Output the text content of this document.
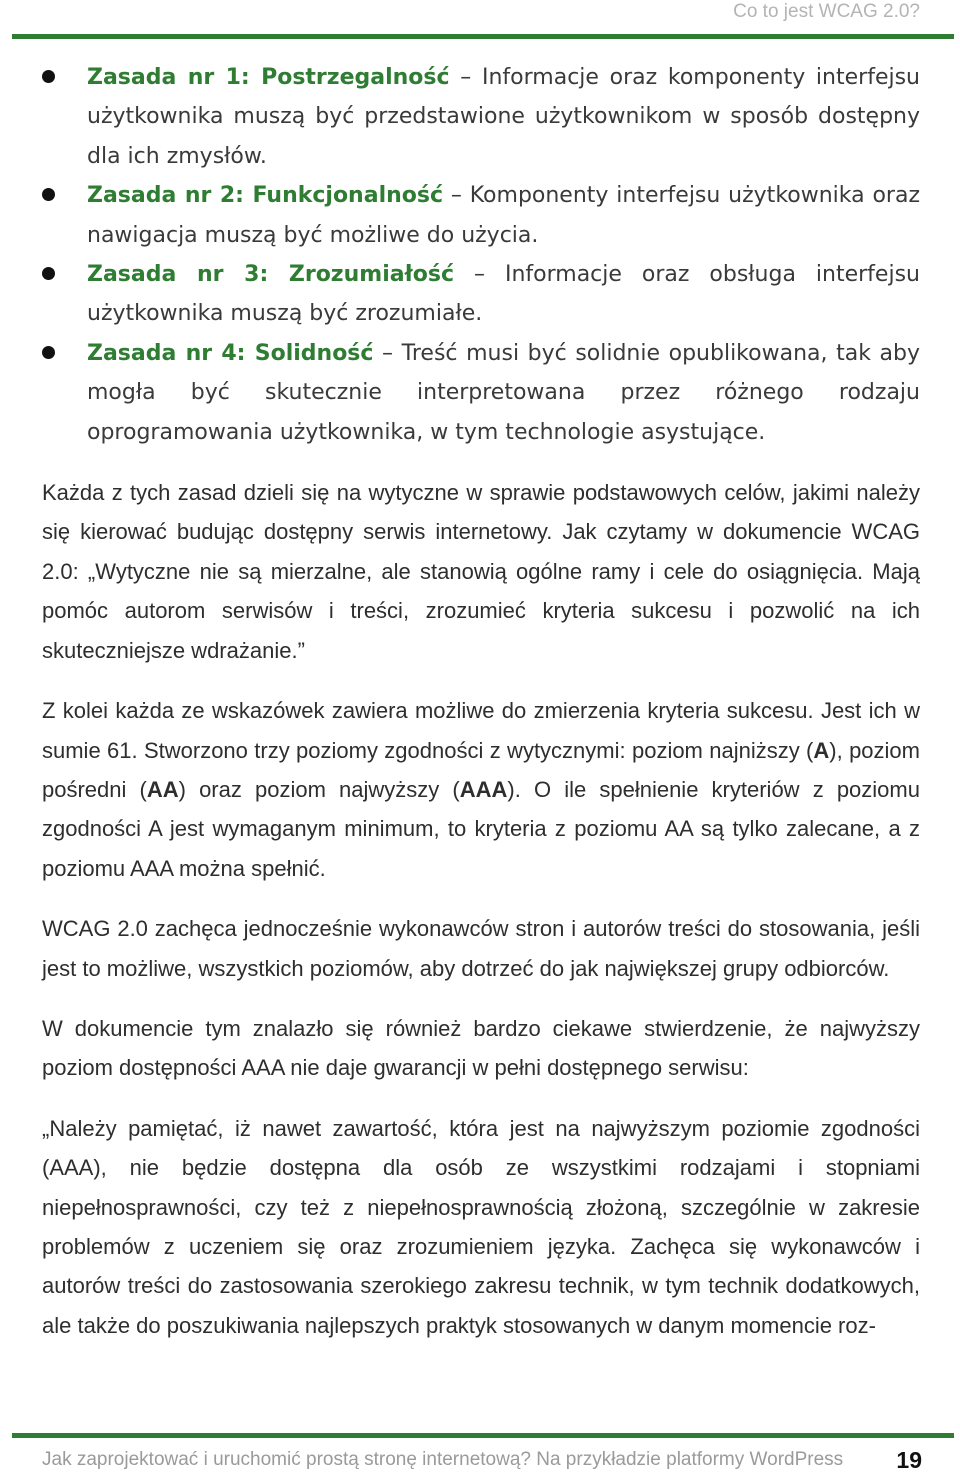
Co to jest WCAG 2.0?
Zasada nr 1: Postrzegalność – Informacje oraz komponenty interfejsu użytkownika muszą być przedstawione użytkownikom w sposób dostępny dla ich zmysłów.
Zasada nr 2: Funkcjonalność – Komponenty interfejsu użytkownika oraz nawigacja muszą być możliwe do użycia.
Zasada nr 3: Zrozumiałość – Informacje oraz obsługa interfejsu użytkownika muszą być zrozumiałe.
Zasada nr 4: Solidność – Treść musi być solidnie opublikowana, tak aby mogła być skutecznie interpretowana przez różnego rodzaju oprogramowania użytkownika, w tym technologie asystujące.

Każda z tych zasad dzieli się na wytyczne w sprawie podstawowych celów, jakimi należy się kierować budując dostępny serwis internetowy. Jak czytamy w dokumencie WCAG 2.0: „Wytyczne nie są mierzalne, ale stanowią ogólne ramy i cele do osiągnięcia. Mają pomóc autorom serwisów i treści, zrozumieć kryteria sukcesu i pozwolić na ich skuteczniejsze wdrażanie.”

Z kolei każda ze wskazówek zawiera możliwe do zmierzenia kryteria sukcesu. Jest ich w sumie 61. Stworzono trzy poziomy zgodności z wytycznymi: poziom najniższy (A), poziom pośredni (AA) oraz poziom najwyższy (AAA). O ile spełnienie kryteriów z poziomu zgodności A jest wymaganym minimum, to kryteria z poziomu AA są tylko zalecane, a z poziomu AAA można spełnić.

WCAG 2.0 zachęca jednocześnie wykonawców stron i autorów treści do stosowania, jeśli jest to możliwe, wszystkich poziomów, aby dotrzeć do jak największej grupy odbiorców.

W dokumencie tym znalazło się również bardzo ciekawe stwierdzenie, że najwyższy poziom dostępności AAA nie daje gwarancji w pełni dostępnego serwisu:

„Należy pamiętać, iż nawet zawartość, która jest na najwyższym poziomie zgodności (AAA), nie będzie dostępna dla osób ze wszystkimi rodzajami i stopniami niepełnosprawności, czy też z niepełnosprawnością złożoną, szczególnie w zakresie problemów z uczeniem się oraz zrozumieniem języka. Zachęca się wykonawców i autorów treści do zastosowania szerokiego zakresu technik, w tym technik dodatkowych, ale także do poszukiwania najlepszych praktyk stosowanych w danym momencie roz-

Jak zaprojektować i uruchomić prostą stronę internetową? Na przykładzie platformy WordPress 19
